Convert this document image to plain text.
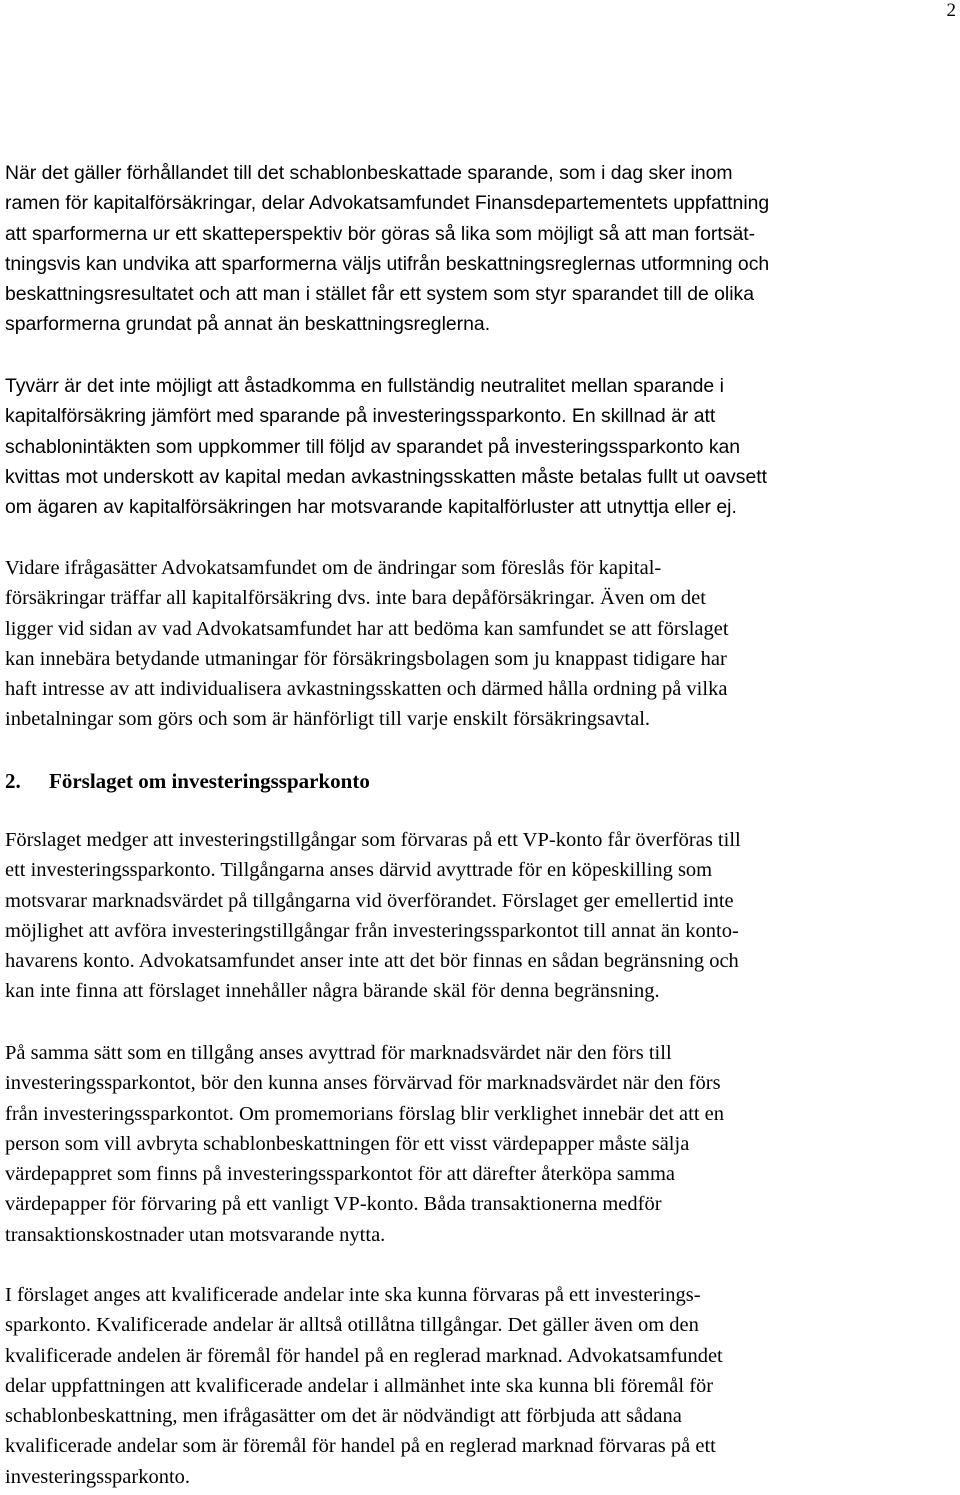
2
När det gäller förhållandet till det schablonbeskattade sparande, som i dag sker inom
ramen för kapitalförsäkringar, delar Advokatsamfundet Finansdepartementets uppfattning
att sparformerna ur ett skatteperspektiv bör göras så lika som möjligt så att man fortsät-
tningsvis kan undvika att sparformerna väljs utifrån beskattningsreglernas utformning och
beskattningsresultatet och att man i stället får ett system som styr sparandet till de olika
sparformerna grundat på annat än beskattningsreglerna.
Tyvärr är det inte möjligt att åstadkomma en fullständig neutralitet mellan sparande i
kapitalförsäkring jämfört med sparande på investeringssparkonto. En skillnad är att
schablonintäkten som uppkommer till följd av sparandet på investeringssparkonto kan
kvittas mot underskott av kapital medan avkastningsskatten måste betalas fullt ut oavsett
om ägaren av kapitalförsäkringen har motsvarande kapitalförluster att utnyttja eller ej.
Vidare ifrågasätter Advokatsamfundet om de ändringar som föreslås för kapital-
försäkringar träffar all kapitalförsäkring dvs. inte bara depåförsäkringar. Även om det
ligger vid sidan av vad Advokatsamfundet har att bedöma kan samfundet se att förslaget
kan innebära betydande utmaningar för försäkringsbolagen som ju knappast tidigare har
haft intresse av att individualisera avkastningsskatten och därmed hålla ordning på vilka
inbetalningar som görs och som är hänförligt till varje enskilt försäkringsavtal.
2. Förslaget om investeringssparkonto
Förslaget medger att investeringstillgångar som förvaras på ett VP-konto får överföras till
ett investeringssparkonto. Tillgångarna anses därvid avyttrade för en köpeskilling som
motsvarar marknadsvärdet på tillgångarna vid överförandet. Förslaget ger emellertid inte
möjlighet att avföra investeringstillgångar från investeringssparkontot till annat än konto-
havarens konto. Advokatsamfundet anser inte att det bör finnas en sådan begränsning och
kan inte finna att förslaget innehåller några bärande skäl för denna begränsning.
På samma sätt som en tillgång anses avyttrad för marknadsvärdet när den förs till
investeringssparkontot, bör den kunna anses förvärvad för marknadsvärdet när den förs
från investeringssparkontot. Om promemorians förslag blir verklighet innebär det att en
person som vill avbryta schablonbeskattningen för ett visst värdepapper måste sälja
värdepappret som finns på investeringssparkontot för att därefter återköpa samma
värdepapper för förvaring på ett vanligt VP-konto. Båda transaktionerna medför
transaktionskostnader utan motsvarande nytta.
I förslaget anges att kvalificerade andelar inte ska kunna förvaras på ett investerings-
sparkonto. Kvalificerade andelar är alltså otillåtna tillgångar. Det gäller även om den
kvalificerade andelen är föremål för handel på en reglerad marknad. Advokatsamfundet
delar uppfattningen att kvalificerade andelar i allmänhet inte ska kunna bli föremål för
schablonbeskattning, men ifrågasätter om det är nödvändigt att förbjuda att sådana
kvalificerade andelar som är föremål för handel på en reglerad marknad förvaras på ett
investeringssparkonto.
